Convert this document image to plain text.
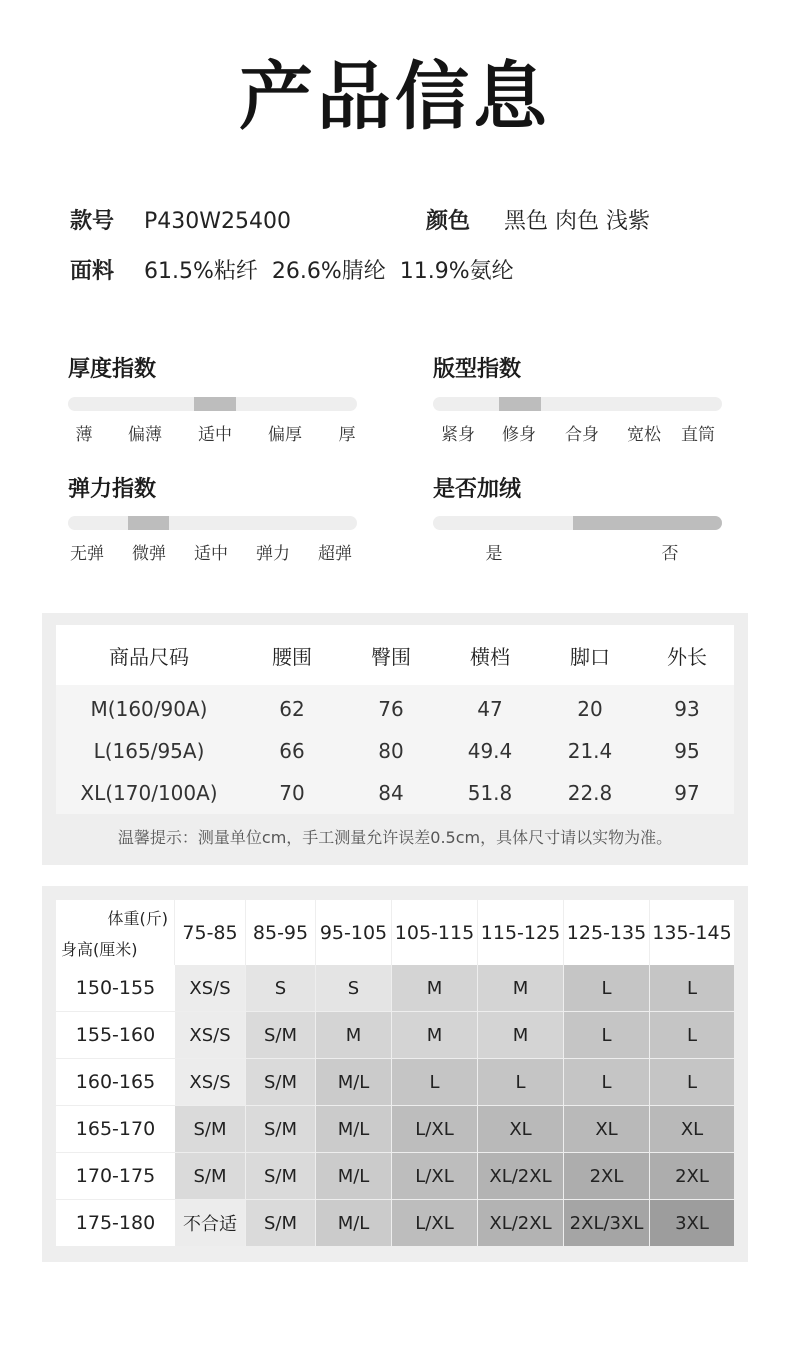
产品信息
款号 P430W25400	颜色 黑色 肉色 浅紫
面料 61.5%粘纤  26.6%腈纶  11.9%氨纶
厚度指数
薄 偏薄 适中 偏厚 厚
版型指数
紧身 修身 合身 宽松 直筒
弹力指数
无弹 微弹 适中 弹力 超弹
是否加绒
是	否
商品尺码	腰围	臀围	横档	脚口	外长
M(160/90A)	62	76	47	20	93
L(165/95A)	66	80	49.4	21.4	95
XL(170/100A)	70	84	51.8	22.8	97
温馨提示：测量单位cm，手工测量允许误差0.5cm，具体尺寸请以实物为准。
体重(斤)
身高(厘米)	75-85	85-95	95-105	105-115	115-125	125-135	135-145
150-155	XS/S	S	S	M	M	L	L
155-160	XS/S	S/M	M	M	M	L	L
160-165	XS/S	S/M	M/L	L	L	L	L
165-170	S/M	S/M	M/L	L/XL	XL	XL	XL
170-175	S/M	S/M	M/L	L/XL	XL/2XL	2XL	2XL
175-180	不合适	S/M	M/L	L/XL	XL/2XL	2XL/3XL	3XL
